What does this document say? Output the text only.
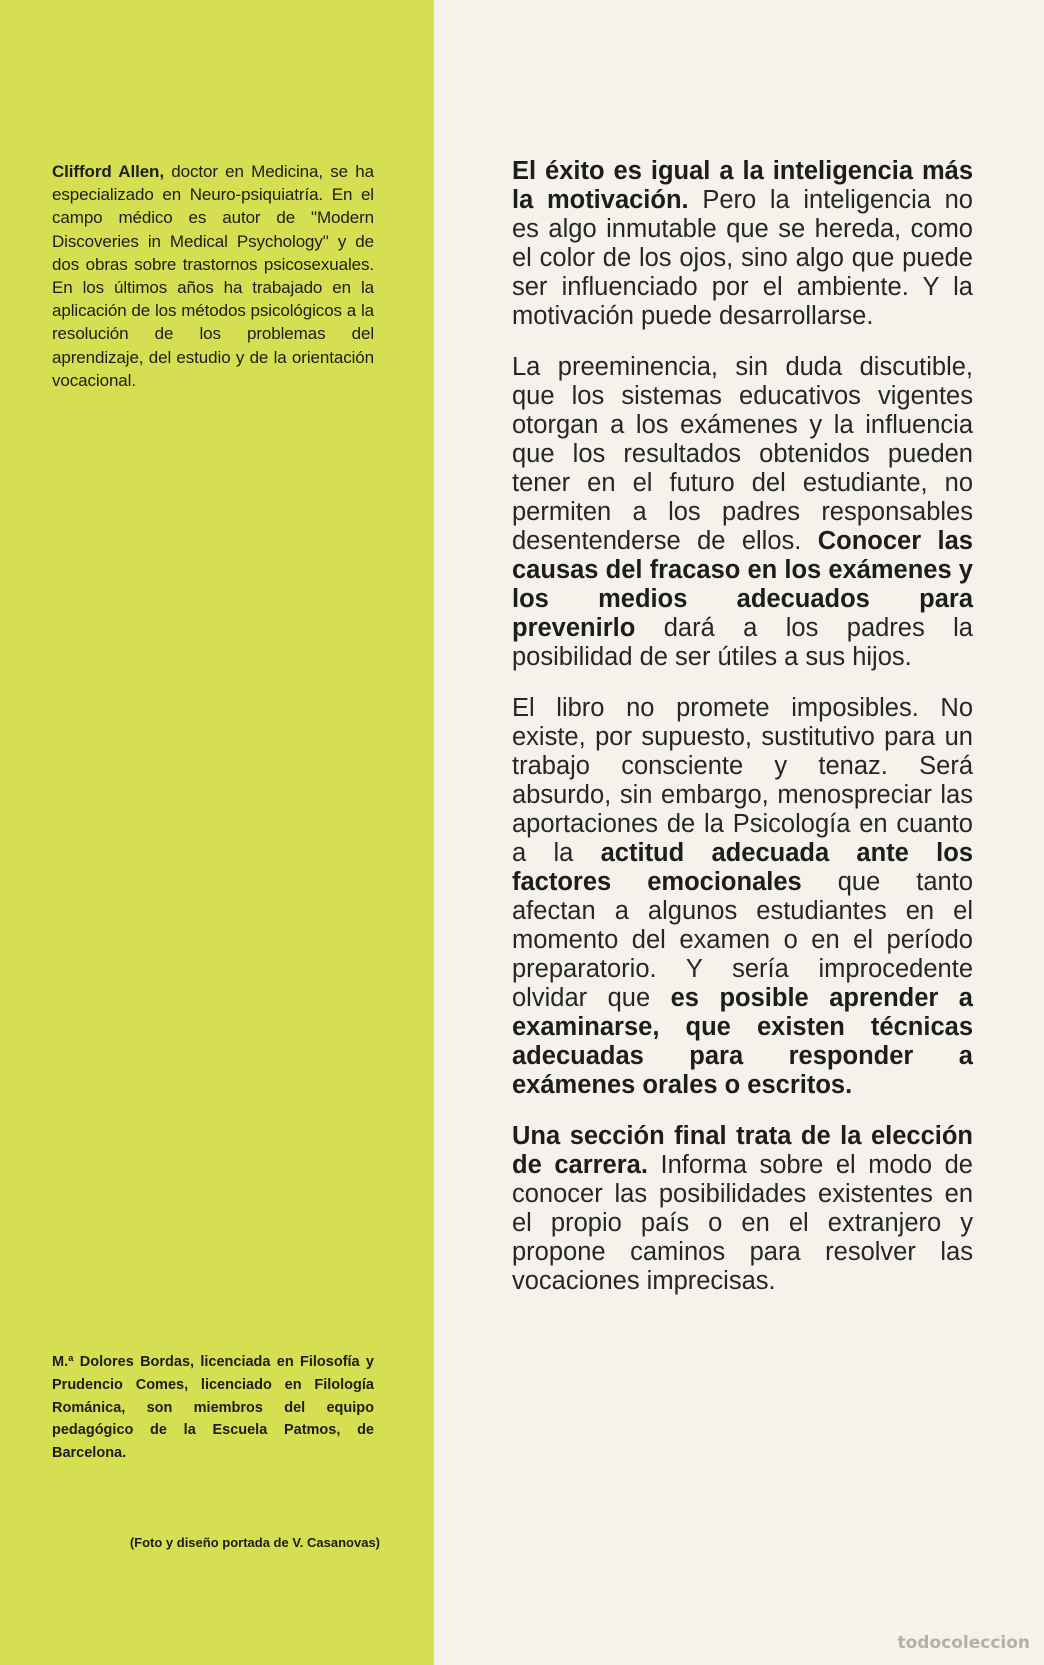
Clifford Allen, doctor en Medicina, se ha especializado en Neuro-psiquiatría. En el campo médico es autor de "Modern Discoveries in Medical Psychology" y de dos obras sobre trastornos psicosexuales. En los últimos años ha trabajado en la aplicación de los métodos psicológicos a la resolución de los problemas del aprendizaje, del estudio y de la orientación vocacional.
M.ª Dolores Bordas, licenciada en Filosofía y Prudencio Comes, licenciado en Filología Románica, son miembros del equipo pedagógico de la Escuela Patmos, de Barcelona.
(Foto y diseño portada de V. Casanovas)

El éxito es igual a la inteligencia más la motivación. Pero la inteligencia no es algo inmutable que se hereda, como el color de los ojos, sino algo que puede ser influenciado por el ambiente. Y la motivación puede desarrollarse.

La preeminencia, sin duda discutible, que los sistemas educativos vigentes otorgan a los exámenes y la influencia que los resultados obtenidos pueden tener en el futuro del estudiante, no permiten a los padres responsables desentenderse de ellos. Conocer las causas del fracaso en los exámenes y los medios adecuados para prevenirlo dará a los padres la posibilidad de ser útiles a sus hijos.

El libro no promete imposibles. No existe, por supuesto, sustitutivo para un trabajo consciente y tenaz. Será absurdo, sin embargo, menospreciar las aportaciones de la Psicología en cuanto a la actitud adecuada ante los factores emocionales que tanto afectan a algunos estudiantes en el momento del examen o en el período preparatorio. Y sería improcedente olvidar que es posible aprender a examinarse, que existen técnicas adecuadas para responder a exámenes orales o escritos.

Una sección final trata de la elección de carrera. Informa sobre el modo de conocer las posibilidades existentes en el propio país o en el extranjero y propone caminos para resolver las vocaciones imprecisas.

todocoleccion
